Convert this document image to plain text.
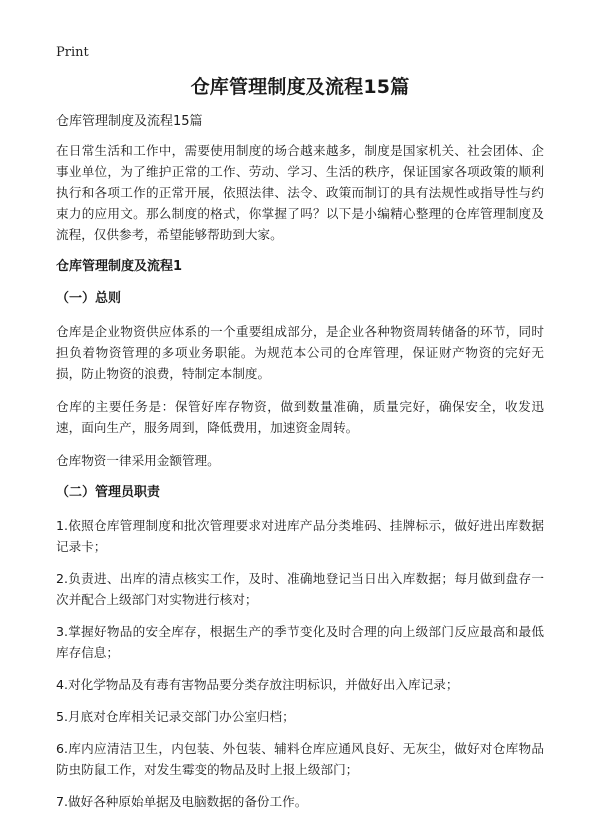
Print
仓库管理制度及流程15篇
仓库管理制度及流程15篇

在日常生活和工作中，需要使用制度的场合越来越多，制度是国家机关、社会团体、企事业单位，为了维护正常的工作、劳动、学习、生活的秩序，保证国家各项政策的顺利执行和各项工作的正常开展，依照法律、法令、政策而制订的具有法规性或指导性与约束力的应用文。那么制度的格式，你掌握了吗？以下是小编精心整理的仓库管理制度及流程，仅供参考，希望能够帮助到大家。

仓库管理制度及流程1
（一）总则

仓库是企业物资供应体系的一个重要组成部分，是企业各种物资周转储备的环节，同时担负着物资管理的多项业务职能。为规范本公司的仓库管理，保证财产物资的完好无损，防止物资的浪费，特制定本制度。

仓库的主要任务是：保管好库存物资，做到数量准确，质量完好，确保安全，收发迅速，面向生产，服务周到，降低费用，加速资金周转。

仓库物资一律采用金额管理。

（二）管理员职责

1.依照仓库管理制度和批次管理要求对进库产品分类堆码、挂牌标示，做好进出库数据记录卡；

2.负责进、出库的清点核实工作，及时、准确地登记当日出入库数据；每月做到盘存一次并配合上级部门对实物进行核对；

3.掌握好物品的安全库存，根据生产的季节变化及时合理的向上级部门反应最高和最低库存信息；

4.对化学物品及有毒有害物品要分类存放注明标识，并做好出入库记录；

5.月底对仓库相关记录交部门办公室归档；

6.库内应清洁卫生，内包装、外包装、辅料仓库应通风良好、无灰尘，做好对仓库物品防虫防鼠工作，对发生霉变的物品及时上报上级部门；

7.做好各种原始单据及电脑数据的备份工作。
